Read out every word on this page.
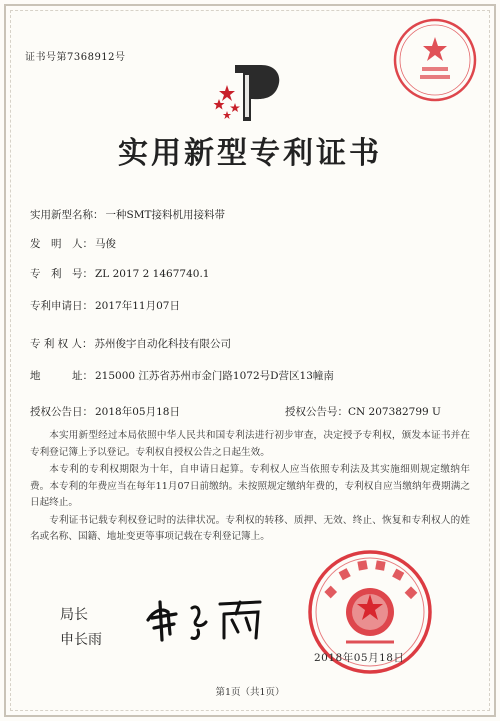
证书号第7368912号
实用新型专利证书
实用新型名称： 一种SMT接料机用接料带
发　明　人： 马俊
专　利　号： ZL 2017 2 1467740.1
专利申请日： 2017年11月07日
专 利 权 人： 苏州俊宇自动化科技有限公司
地　　　址： 215000 江苏省苏州市金门路1072号D营区13幢南
授权公告日： 2018年05月18日	授权公告号：CN 207382799 U

本实用新型经过本局依照中华人民共和国专利法进行初步审查，决定授予专利权，颁发本证书并在专利登记簿上予以登记。专利权自授权公告之日起生效。

本专利的专利权期限为十年，自申请日起算。专利权人应当依照专利法及其实施细则规定缴纳年费。本专利的年费应当在每年11月07日前缴纳。未按照规定缴纳年费的，专利权自应当缴纳年费期满之日起终止。

专利证书记载专利权登记时的法律状况。专利权的转移、质押、无效、终止、恢复和专利权人的姓名或名称、国籍、地址变更等事项记载在专利登记簿上。

局长
申长雨
2018年05月18日
第1页（共1页）
